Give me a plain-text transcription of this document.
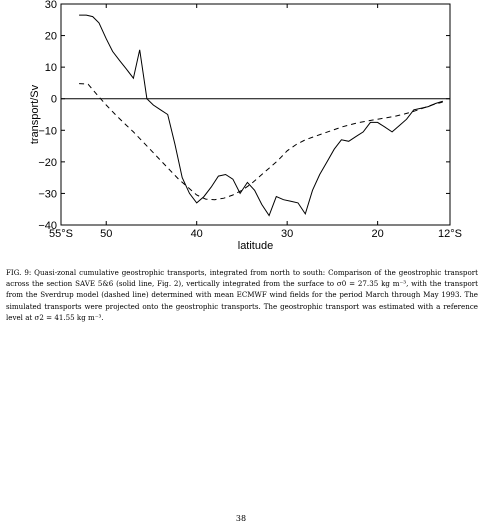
55°S 50	40	30	20	12°S
30
20
10
0
−10
−20
−30
−40
transport/Sv
latitude

FIG. 9: Quasi-zonal cumulative geostrophic transports, integrated from north to south: Comparison of the geostrophic transport across the section SAVE 5&6 (solid line, Fig. 2), vertically integrated from the surface to σ0 = 27.35 kg m⁻³, with the transport from the Sverdrup model (dashed line) determined with mean ECMWF wind fields for the period March through May 1993. The simulated transports were projected onto the geostrophic transports. The geostrophic transport was estimated with a reference level at σ2 = 41.55 kg m⁻³.

38
